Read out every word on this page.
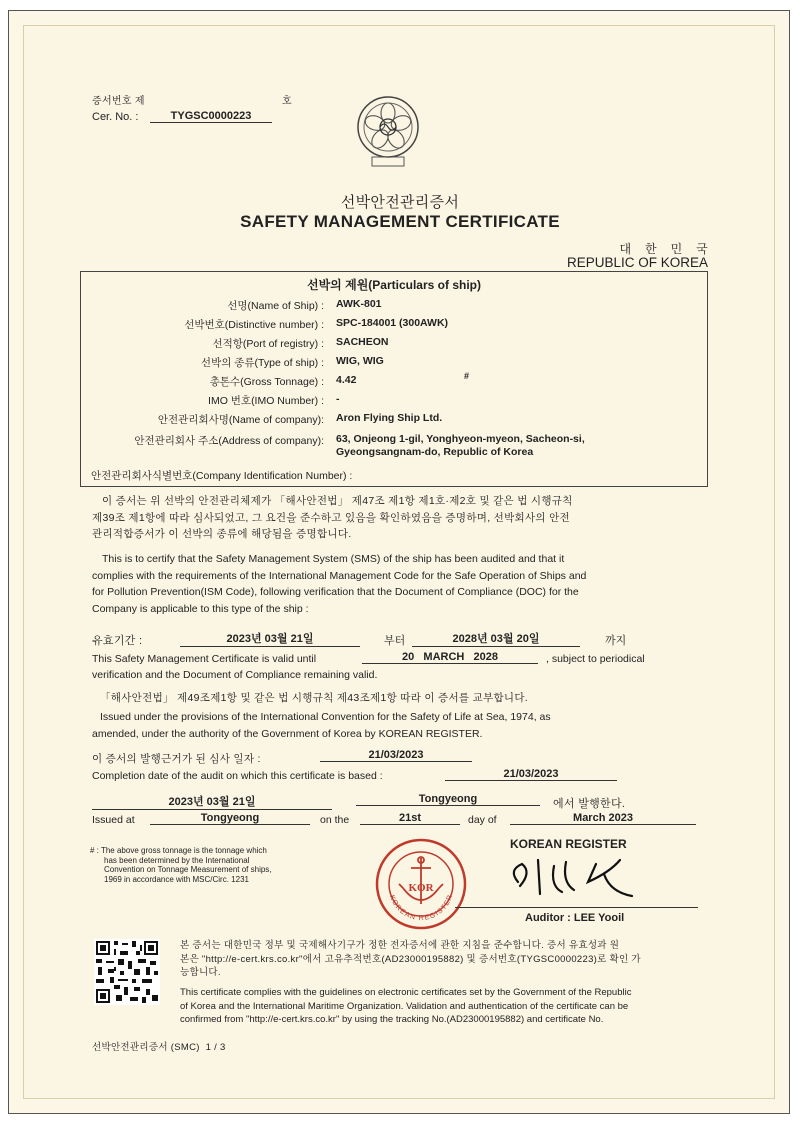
증서번호 제	호
Cer. No. :	TYGSC0000223
선박안전관리증서
SAFETY MANAGEMENT CERTIFICATE
대 한 민 국
REPUBLIC OF KOREA
선박의 제원(Particulars of ship)
선명(Name of Ship) : AWK-801
선박번호(Distinctive number) : SPC-184001 (300AWK)
선적항(Port of registry) : SACHEON
선박의 종류(Type of ship) : WIG, WIG
총톤수(Gross Tonnage) : 4.42	#
IMO 번호(IMO Number) : -
안전관리회사명(Name of company): Aron Flying Ship Ltd.
안전관리회사 주소(Address of company): 63, Onjeong 1-gil, Yonghyeon-myeon, Sacheon-si,
Gyeongsangnam-do, Republic of Korea
안전관리회사식별번호(Company Identification Number) :
이 증서는 위 선박의 안전관리체제가 「해사안전법」 제47조 제1항 제1호·제2호 및 같은 법 시행규칙
제39조 제1항에 따라 심사되었고, 그 요건을 준수하고 있음을 확인하였음을 증명하며, 선박회사의 안전
관리적합증서가 이 선박의 종류에 해당됨을 증명합니다.
This is to certify that the Safety Management System (SMS) of the ship has been audited and that it
complies with the requirements of the International Management Code for the Safe Operation of Ships and
for Pollution Prevention(ISM Code), following verification that the Document of Compliance (DOC) for the
Company is applicable to this type of the ship :
유효기간 :	2023년 03월 21일	부터	2028년 03월 20일	까지
This Safety Management Certificate is valid until	20   MARCH   2028	, subject to periodical
verification and the Document of Compliance remaining valid.
「해사안전법」 제49조제1항 및 같은 법 시행규칙 제43조제1항 따라 이 증서를 교부합니다.
Issued under the provisions of the International Convention for the Safety of Life at Sea, 1974, as
amended, under the authority of the Government of Korea by KOREAN REGISTER.
이 증서의 발행근거가 된 심사 일자 :	21/03/2023
Completion date of the audit on which this certificate is based :	21/03/2023
2023년 03월 21일	Tongyeong	에서 발행한다.
Issued at	Tongyeong	on the	21st	day of	March 2023
# : The above gross tonnage is the tonnage which
has been determined by the International
Convention on Tonnage Measurement of ships,
1969 in accordance with MSC/Circ. 1231
KOR
KOREAN REGISTER
KOREAN REGISTER
Auditor : LEE Yooil
본 증서는 대한민국 정부 및 국제해사기구가 정한 전자증서에 관한 지침을 준수합니다. 증서 유효성과 원
본은 "http://e-cert.krs.co.kr"에서 고유추적번호(AD23000195882) 및 증서번호(TYGSC0000223)로 확인 가
능합니다.
This certificate complies with the guidelines on electronic certificates set by the Government of the Republic
of Korea and the International Maritime Organization. Validation and authentication of the certificate can be
confirmed from "http://e-cert.krs.co.kr" by using the tracking No.(AD23000195882) and certificate No.
선박안전관리증서 (SMC)  1 / 3
